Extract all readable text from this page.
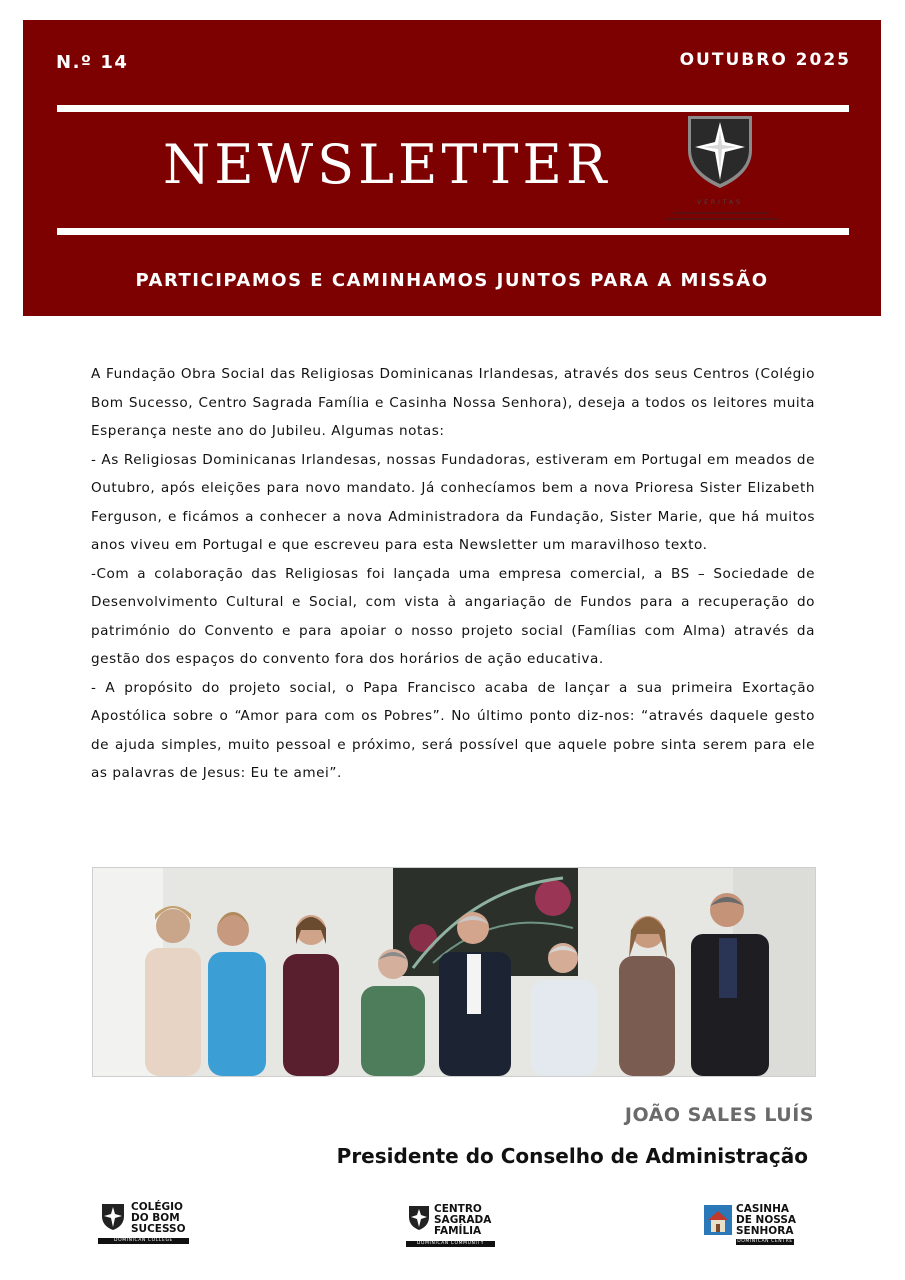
N.º 14	OUTUBRO 2025
NEWSLETTER
VERITAS
PARTICIPAMOS E CAMINHAMOS JUNTOS PARA A MISSÃO

A Fundação Obra Social das Religiosas Dominicanas Irlandesas, através dos seus Centros (Colégio Bom Sucesso, Centro Sagrada Família e Casinha Nossa Senhora), deseja a todos os leitores muita Esperança neste ano do Jubileu. Algumas notas:

- As Religiosas Dominicanas Irlandesas, nossas Fundadoras, estiveram em Portugal em meados de Outubro, após eleições para novo mandato. Já conhecíamos bem a nova Prioresa Sister Elizabeth Ferguson, e ficámos a conhecer a nova Administradora da Fundação, Sister Marie, que há muitos anos viveu em Portugal e que escreveu para esta Newsletter um maravilhoso texto.

-Com a colaboração das Religiosas foi lançada uma empresa comercial, a BS – Sociedade de Desenvolvimento Cultural e Social, com vista à angariação de Fundos para a recuperação do património do Convento e para apoiar o nosso projeto social (Famílias com Alma) através da gestão dos espaços do convento fora dos horários de ação educativa.

- A propósito do projeto social, o Papa Francisco acaba de lançar a sua primeira Exortação Apostólica sobre o “Amor para com os Pobres”. No último ponto diz-nos: “através daquele gesto de ajuda simples, muito pessoal e próximo, será possível que aquele pobre sinta serem para ele as palavras de Jesus: Eu te amei”.

JOÃO SALES LUÍS
Presidente do Conselho de Administração
COLÉGIO
DO BOM
SUCESSO
DOMINICAN COLLEGE
CENTRO
SAGRADA
FAMÍLIA
DOMINICAN COMMUNITY
CASINHA
DE NOSSA
SENHORA
DOMINICAN CENTRE
